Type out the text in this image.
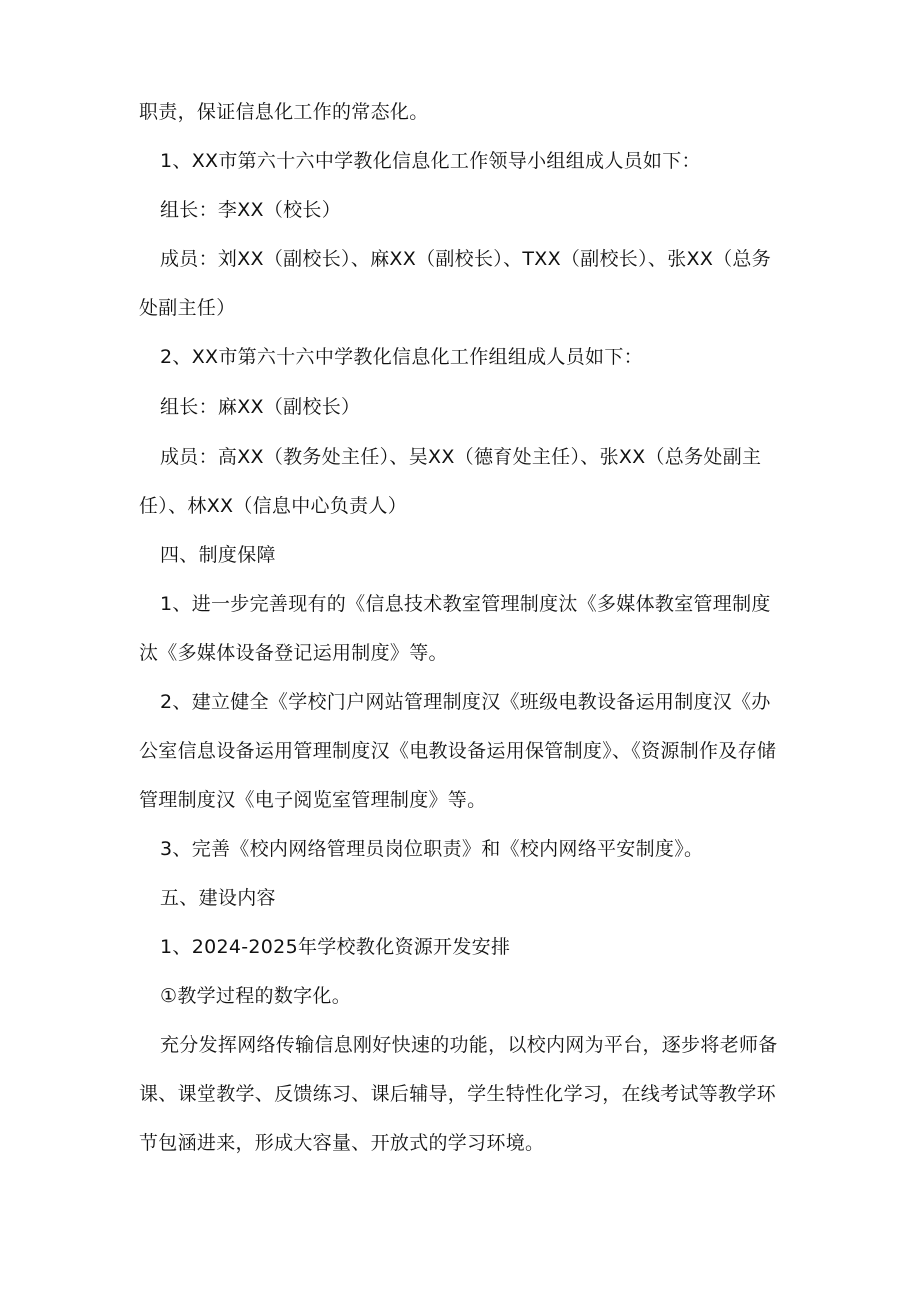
职责，保证信息化工作的常态化。

1、XX市第六十六中学教化信息化工作领导小组组成人员如下：

组长：李XX（校长）

成员：刘XX（副校长）、麻XX（副校长）、TXX（副校长）、张XX（总务处副主任）

2、XX市第六十六中学教化信息化工作组组成人员如下：

组长：麻XX（副校长）

成员：高XX（教务处主任）、吴XX（德育处主任）、张XX（总务处副主任）、林XX（信息中心负责人）

四、制度保障

1、进一步完善现有的《信息技术教室管理制度汰《多媒体教室管理制度汰《多媒体设备登记运用制度》等。

2、建立健全《学校门户网站管理制度汉《班级电教设备运用制度汉《办公室信息设备运用管理制度汉《电教设备运用保管制度》、《资源制作及存储管理制度汉《电子阅览室管理制度》等。

3、完善《校内网络管理员岗位职责》和《校内网络平安制度》。

五、建设内容

1、2024-2025年学校教化资源开发安排

①教学过程的数字化。

充分发挥网络传输信息刚好快速的功能，以校内网为平台，逐步将老师备课、课堂教学、反馈练习、课后辅导，学生特性化学习，在线考试等教学环节包涵进来，形成大容量、开放式的学习环境。
